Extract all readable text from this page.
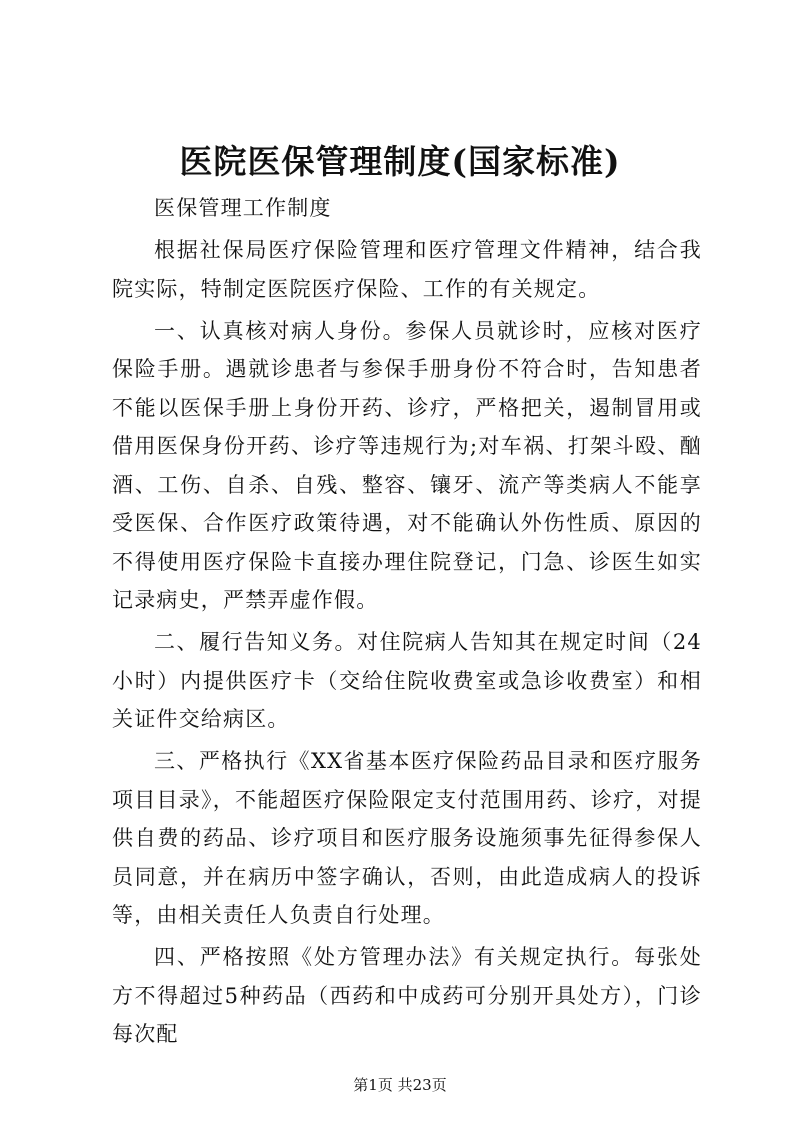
医院医保管理制度(国家标准)

医保管理工作制度

根据社保局医疗保险管理和医疗管理文件精神，结合我院实际，特制定医院医疗保险、工作的有关规定。

一、认真核对病人身份。参保人员就诊时，应核对医疗保险手册。遇就诊患者与参保手册身份不符合时，告知患者不能以医保手册上身份开药、诊疗，严格把关，遏制冒用或借用医保身份开药、诊疗等违规行为;对车祸、打架斗殴、酗酒、工伤、自杀、自残、整容、镶牙、流产等类病人不能享受医保、合作医疗政策待遇，对不能确认外伤性质、原因的不得使用医疗保险卡直接办理住院登记，门急、诊医生如实记录病史，严禁弄虚作假。

二、履行告知义务。对住院病人告知其在规定时间（24小时）内提供医疗卡（交给住院收费室或急诊收费室）和相关证件交给病区。

三、严格执行《XX省基本医疗保险药品目录和医疗服务项目目录》，不能超医疗保险限定支付范围用药、诊疗，对提供自费的药品、诊疗项目和医疗服务设施须事先征得参保人员同意，并在病历中签字确认，否则，由此造成病人的投诉等，由相关责任人负责自行处理。

四、严格按照《处方管理办法》有关规定执行。每张处方不得超过5种药品（西药和中成药可分别开具处方），门诊每次配

第1页 共23页
